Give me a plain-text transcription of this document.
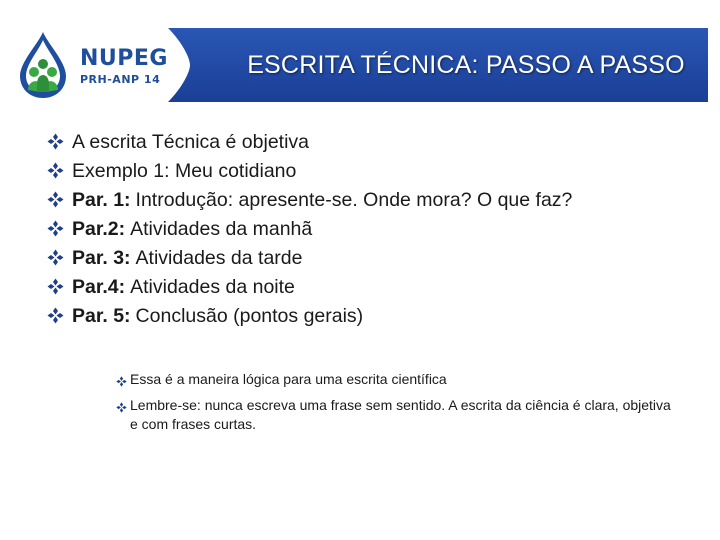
NUPEG
PRH-ANP 14
ESCRITA TÉCNICA: PASSO A PASSO
A escrita Técnica é objetiva
Exemplo 1: Meu cotidiano
Par. 1: Introdução: apresente-se. Onde mora? O que faz?
Par.2: Atividades da manhã
Par. 3: Atividades da tarde
Par.4: Atividades da noite
Par. 5: Conclusão (pontos gerais)
Essa é a maneira lógica para uma escrita científica
Lembre-se: nunca escreva uma frase sem sentido. A escrita da ciência é clara, objetiva e com frases curtas.
